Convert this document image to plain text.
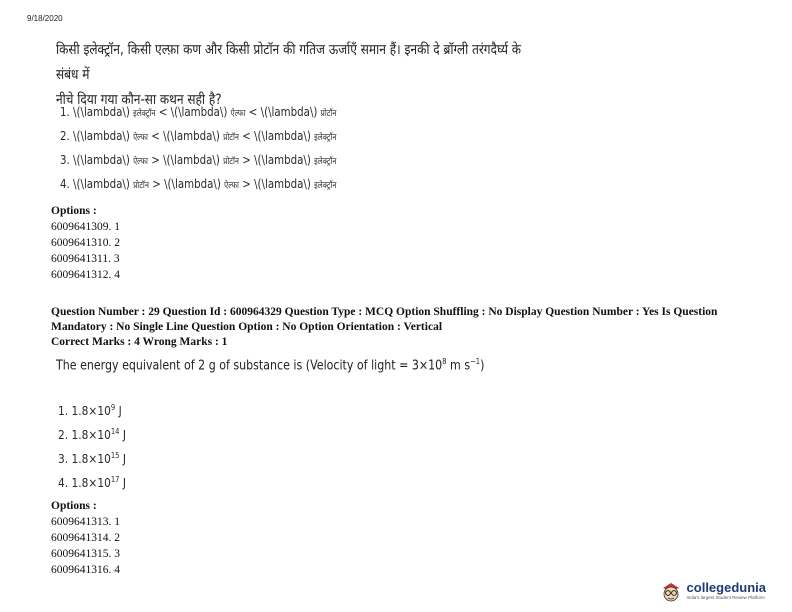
9/18/2020
किसी इलेक्ट्रॉन, किसी एल्फ़ा कण और किसी प्रोटॉन की गतिज ऊर्जाएँ समान हैं। इनकी दे ब्रॉग्ली तरंगदैर्घ्य के संबंध में
नीचे दिया गया कौन-सा कथन सही है?
1. \(\lambda\) इलेक्ट्रॉन < \(\lambda\) ऐल्फा < \(\lambda\) प्रोटॉन
2. \(\lambda\) ऐल्फा < \(\lambda\) प्रोटॉन < \(\lambda\) इलेक्ट्रॉन
3. \(\lambda\) ऐल्फा > \(\lambda\) प्रोटॉन > \(\lambda\) इलेक्ट्रॉन
4. \(\lambda\) प्रोटॉन > \(\lambda\) ऐल्फा > \(\lambda\) इलेक्ट्रॉन
Options :
6009641309. 1
6009641310. 2
6009641311. 3
6009641312. 4
Question Number : 29 Question Id : 600964329 Question Type : MCQ Option Shuffling : No Display Question Number : Yes Is Question
Mandatory : No Single Line Question Option : No Option Orientation : Vertical
Correct Marks : 4 Wrong Marks : 1
The energy equivalent of 2 g of substance is (Velocity of light = $3\times 10^8$ m $s^{-1}$)
1. $1.8\times 10^9$ J
2. $1.8\times 10^{14}$ J
3. $1.8\times 10^{15}$ J
4. $1.8\times 10^{17}$ J
Options :
6009641313. 1
6009641314. 2
6009641315. 3
6009641316. 4
collegedunia
India's largest Student Review Platform
